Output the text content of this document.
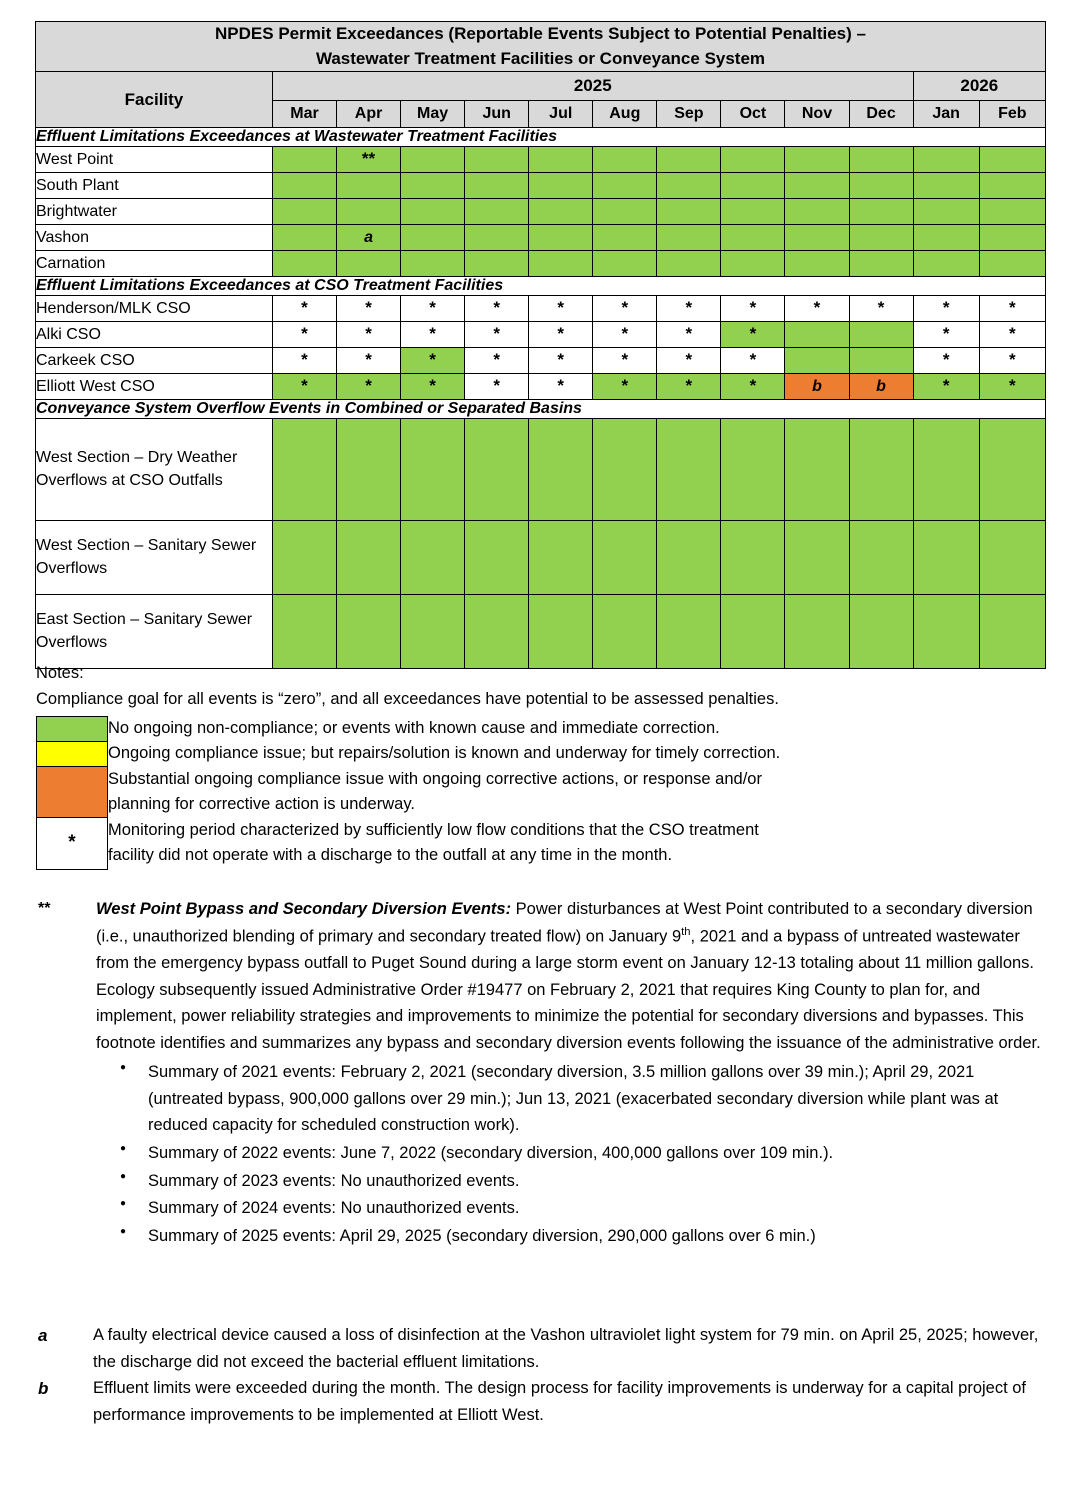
NPDES Permit Exceedances (Reportable Events Subject to Potential Penalties) –
Wastewater Treatment Facilities or Conveyance System												
Facility	2025										2026	
	Mar	Apr	May	Jun	Jul	Aug	Sep	Oct	Nov	Dec	Jan	Feb
Effluent Limitations Exceedances at Wastewater Treatment Facilities												
West Point		**										
South Plant												
Brightwater												
Vashon		a										
Carnation												
Effluent Limitations Exceedances at CSO Treatment Facilities												
Henderson/MLK CSO	*	*	*	*	*	*	*	*	*	*	*	*
Alki CSO	*	*	*	*	*	*	*	*			*	*
Carkeek CSO	*	*	*	*	*	*	*	*			*	*
Elliott West CSO	*	*	*	*	*	*	*	*	b	b	*	*
Conveyance System Overflow Events in Combined or Separated Basins												
West Section – Dry Weather Overflows at CSO Outfalls												
West Section – Sanitary Sewer Overflows												
East Section – Sanitary Sewer Overflows												
Notes:
Compliance goal for all events is “zero”, and all exceedances have potential to be assessed penalties.
	No ongoing non-compliance; or events with known cause and immediate correction.
	Ongoing compliance issue; but repairs/solution is known and underway for timely correction.

	Substantial ongoing compliance issue with ongoing corrective actions, or response and/or
planning for corrective action is underway.

*	Monitoring period characterized by sufficiently low flow conditions that the CSO treatment
facility did not operate with a discharge to the outfall at any time in the month.
**	West Point Bypass and Secondary Diversion Events: Power disturbances at West Point contributed to a secondary diversion (i.e., unauthorized blending of primary and secondary treated flow) on January 9th, 2021 and a bypass of untreated wastewater from the emergency bypass outfall to Puget Sound during a large storm event on January 12-13 totaling about 11 million gallons. Ecology subsequently issued Administrative Order #19477 on February 2, 2021 that requires King County to plan for, and implement, power reliability strategies and improvements to minimize the potential for secondary diversions and bypasses. This footnote identifies and summarizes any bypass and secondary diversion events following the issuance of the administrative order.

● Summary of 2021 events: February 2, 2021 (secondary diversion, 3.5 million gallons over 39 min.); April 29, 2021 (untreated bypass, 900,000 gallons over 29 min.); Jun 13, 2021 (exacerbated secondary diversion while plant was at reduced capacity for scheduled construction work).
● Summary of 2022 events: June 7, 2022 (secondary diversion, 400,000 gallons over 109 min.).
● Summary of 2023 events: No unauthorized events.
● Summary of 2024 events: No unauthorized events.
● Summary of 2025 events: April 29, 2025 (secondary diversion, 290,000 gallons over 6 min.)
a	A faulty electrical device caused a loss of disinfection at the Vashon ultraviolet light system for 79 min. on April 25, 2025; however, the discharge did not exceed the bacterial effluent limitations.
b	Effluent limits were exceeded during the month. The design process for facility improvements is underway for a capital project of performance improvements to be implemented at Elliott West.
